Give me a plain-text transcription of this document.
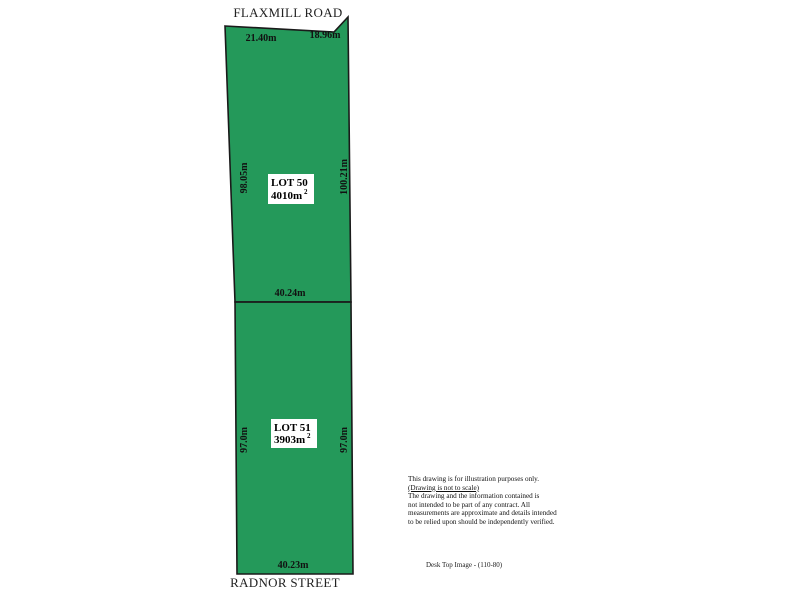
FLAXMILL ROAD
RADNOR STREET
21.40m	18.96m
98.05m	100.21m
40.24m
LOT 50
4010m 2
97.0m	97.0m
40.23m
LOT 51
3903m 2
This drawing is for illustration purposes only.
(Drawing is not to scale)
The drawing and the information contained is
not intended to be part of any contract. All
measurements are approximate and details intended
to be relied upon should be independently verified.
Desk Top Image - (110-80)
